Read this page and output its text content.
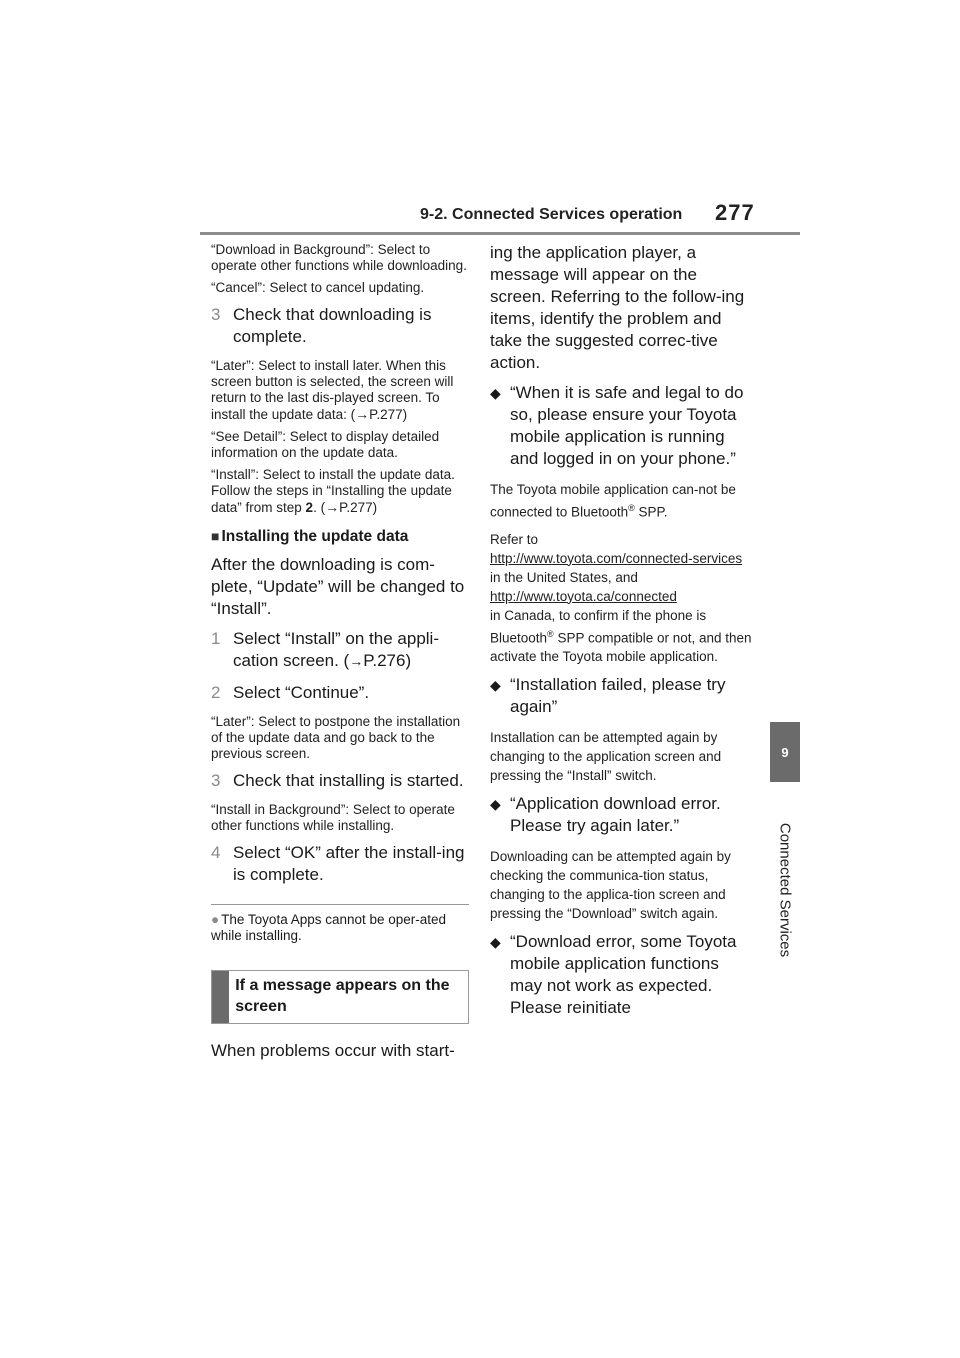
9-2. Connected Services operation 277
9
Connected Services

“Download in Background”: Select to operate other functions while downloading.

“Cancel”: Select to cancel updating.

3 Check that downloading is complete.

“Later”: Select to install later. When this screen button is selected, the screen will return to the last dis-played screen. To install the update data: (→P.277)

“See Detail”: Select to display detailed information on the update data.

“Install”: Select to install the update data. Follow the steps in “Installing the update data” from step 2. (→P.277)

■ Installing the update data

After the downloading is com-plete, “Update” will be changed to “Install”.

1 Select “Install” on the appli-cation screen. (→P.276)
2 Select “Continue”.

“Later”: Select to postpone the installation of the update data and go back to the previous screen.

3 Check that installing is started.

“Install in Background”: Select to operate other functions while installing.

4 Select “OK” after the install-ing is complete.
● The Toyota Apps cannot be oper-ated while installing.
If a message appears on the screen

When problems occur with start-

ing the application player, a message will appear on the screen. Referring to the follow-ing items, identify the problem and take the suggested correc-tive action.

◆ “When it is safe and legal to do so, please ensure your Toyota mobile application is running and logged in on your phone.”

The Toyota mobile application can-not be connected to Bluetooth® SPP.

Refer to
http://www.toyota.com/connected-services
in the United States, and
http://www.toyota.ca/connected
in Canada, to confirm if the phone is Bluetooth® SPP compatible or not, and then activate the Toyota mobile application.

◆ “Installation failed, please try again”

Installation can be attempted again by changing to the application screen and pressing the “Install” switch.

◆ “Application download error. Please try again later.”

Downloading can be attempted again by checking the communica-tion status, changing to the applica-tion screen and pressing the “Download” switch again.

◆ “Download error, some Toyota mobile application functions may not work as expected. Please reinitiate
